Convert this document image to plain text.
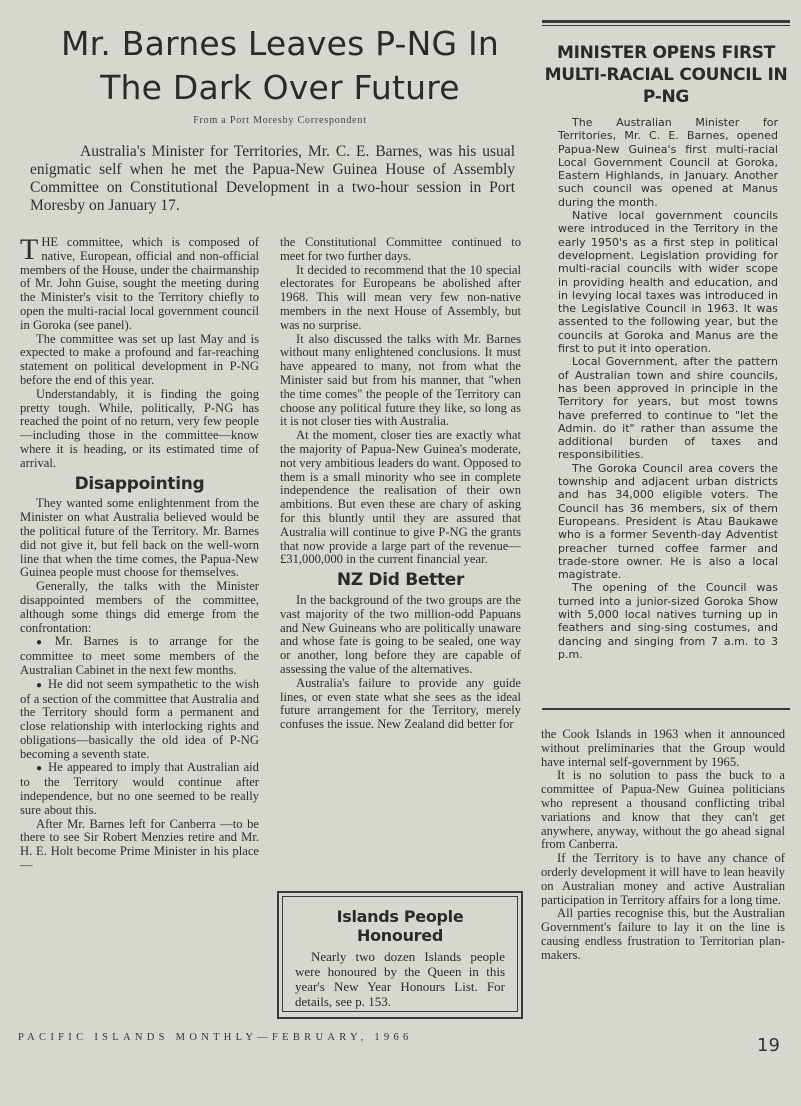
Mr. Barnes Leaves P-NG In
The Dark Over Future
From a Port Moresby Correspondent
Australia's Minister for Territories, Mr. C. E. Barnes, was his usual enigmatic self when he met the Papua-New Guinea House of Assembly Committee on Constitutional Development in a two-hour session in Port Moresby on January 17.

THE committee, which is composed of native, European, official and non-official members of the House, under the chairmanship of Mr. John Guise, sought the meeting during the Minister's visit to the Territory chiefly to open the multi-racial local government council in Goroka (see panel).

The committee was set up last May and is expected to make a profound and far-reaching statement on political development in P-NG before the end of this year.

Understandably, it is finding the going pretty tough. While, politically, P-NG has reached the point of no return, very few people—including those in the committee—know where it is heading, or its estimated time of arrival.

Disappointing

They wanted some enlightenment from the Minister on what Australia believed would be the political future of the Territory. Mr. Barnes did not give it, but fell back on the well-worn line that when the time comes, the Papua-New Guinea people must choose for themselves.

Generally, the talks with the Minister disappointed members of the committee, although some things did emerge from the confrontation:

● Mr. Barnes is to arrange for the committee to meet some members of the Australian Cabinet in the next few months.

● He did not seem sympathetic to the wish of a section of the committee that Australia and the Territory should form a permanent and close relationship with interlocking rights and obligations—basically the old idea of P-NG becoming a seventh state.

● He appeared to imply that Australian aid to the Territory would continue after independence, but no one seemed to be really sure about this.

After Mr. Barnes left for Canberra —to be there to see Sir Robert Menzies retire and Mr. H. E. Holt become Prime Minister in his place—

the Constitutional Committee continued to meet for two further days.

It decided to recommend that the 10 special electorates for Europeans be abolished after 1968. This will mean very few non-native members in the next House of Assembly, but was no surprise.

It also discussed the talks with Mr. Barnes without many enlightened conclusions. It must have appeared to many, not from what the Minister said but from his manner, that "when the time comes" the people of the Territory can choose any political future they like, so long as it is not closer ties with Australia.

At the moment, closer ties are exactly what the majority of Papua-New Guinea's moderate, not very ambitious leaders do want. Opposed to them is a small minority who see in complete independence the realisation of their own ambitions. But even these are chary of asking for this bluntly until they are assured that Australia will continue to give P-NG the grants that now provide a large part of the revenue—£31,000,000 in the current financial year.

NZ Did Better

In the background of the two groups are the vast majority of the two million-odd Papuans and New Guineans who are politically unaware and whose fate is going to be sealed, one way or another, long before they are capable of assessing the value of the alternatives.

Australia's failure to provide any guide lines, or even state what she sees as the ideal future arrangement for the Territory, merely confuses the issue. New Zealand did better for

Islands People Honoured
Nearly two dozen Islands people were honoured by the Queen in this year's New Year Honours List. For details, see p. 153.
MINISTER OPENS FIRST MULTI-RACIAL COUNCIL IN P-NG

The Australian Minister for Territories, Mr. C. E. Barnes, opened Papua-New Guinea's first multi-racial Local Government Council at Goroka, Eastern Highlands, in January. Another such council was opened at Manus during the month.

Native local government councils were introduced in the Territory in the early 1950's as a first step in political development. Legislation providing for multi-racial councils with wider scope in providing health and education, and in levying local taxes was introduced in the Legislative Council in 1963. It was assented to the following year, but the councils at Goroka and Manus are the first to put it into operation.

Local Government, after the pattern of Australian town and shire councils, has been approved in principle in the Territory for years, but most towns have preferred to continue to "let the Admin. do it" rather than assume the additional burden of taxes and responsibilities.

The Goroka Council area covers the township and adjacent urban districts and has 34,000 eligible voters. The Council has 36 members, six of them Europeans. President is Atau Baukawe who is a former Seventh-day Adventist preacher turned coffee farmer and trade-store owner. He is also a local magistrate.

The opening of the Council was turned into a junior-sized Goroka Show with 5,000 local natives turning up in feathers and sing-sing costumes, and dancing and singing from 7 a.m. to 3 p.m.

the Cook Islands in 1963 when it announced without preliminaries that the Group would have internal self-government by 1965.

It is no solution to pass the buck to a committee of Papua-New Guinea politicians who represent a thousand conflicting tribal variations and know that they can't get anywhere, anyway, without the go ahead signal from Canberra.

If the Territory is to have any chance of orderly development it will have to lean heavily on Australian money and active Australian participation in Territory affairs for a long time.

All parties recognise this, but the Australian Government's failure to lay it on the line is causing endless frustration to Territorian plan-makers.

PACIFIC ISLANDS MONTHLY—FEBRUARY, 1966	19
